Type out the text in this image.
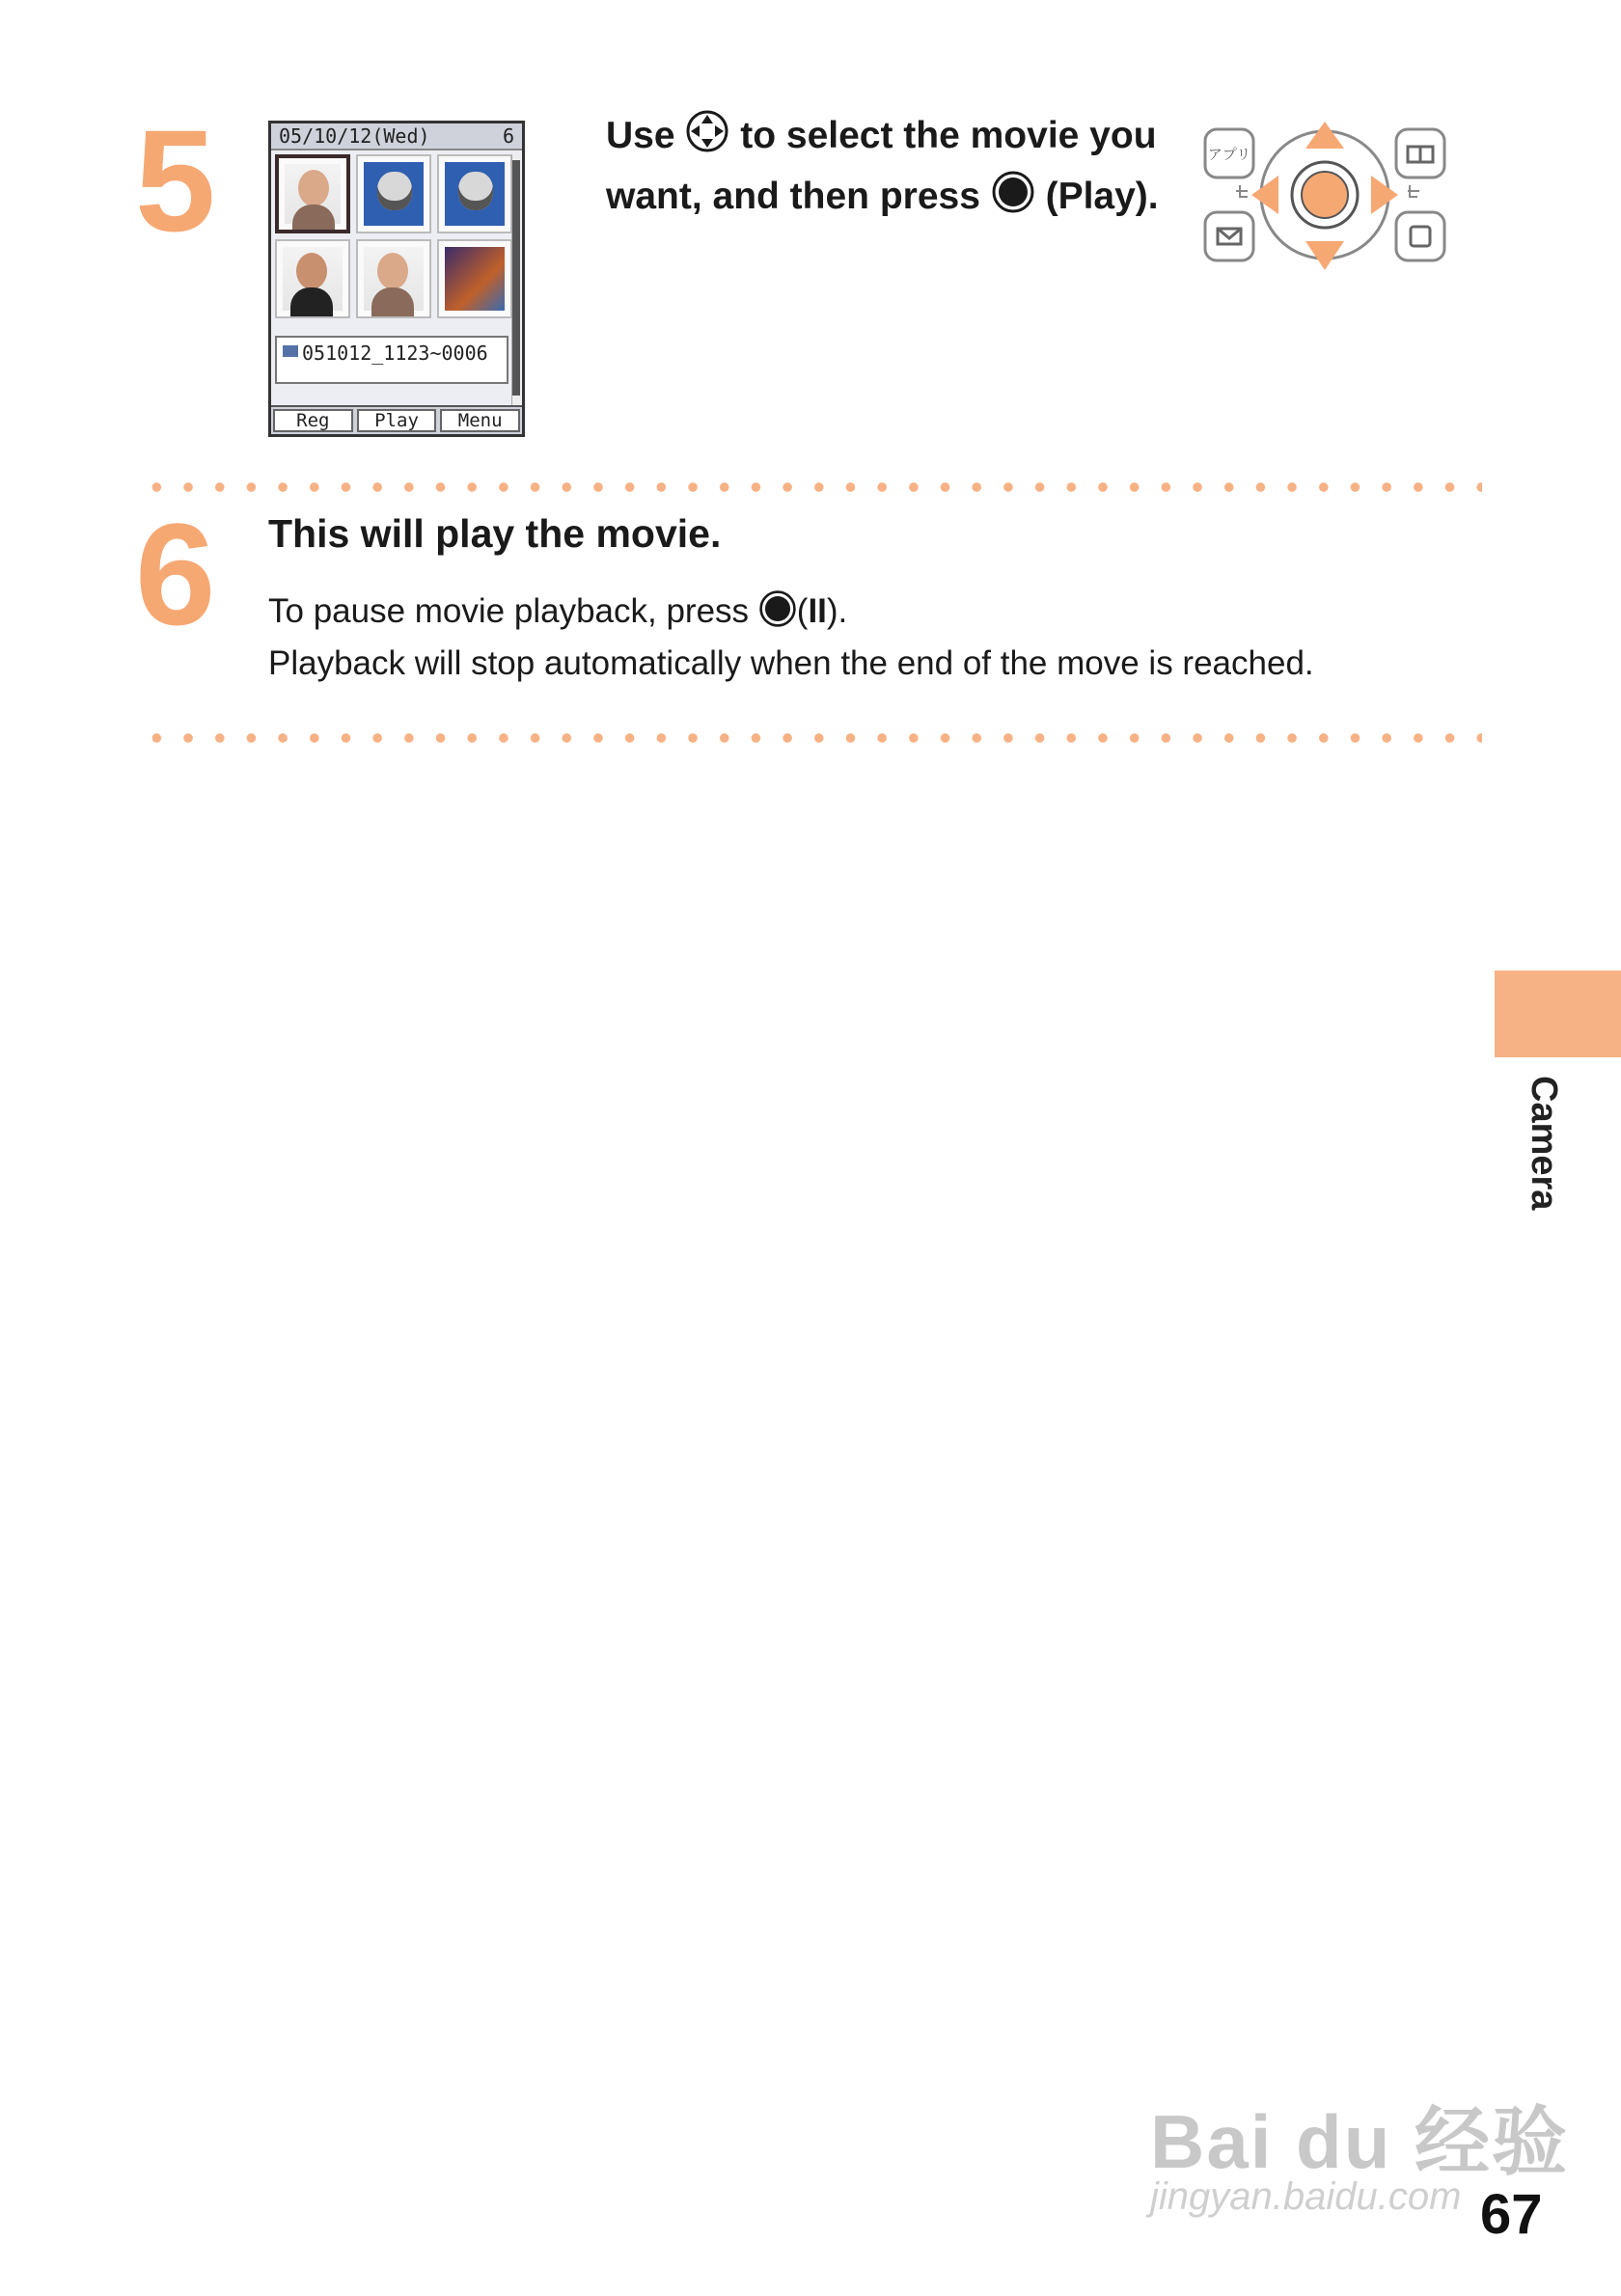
5	05/10/12(Wed)	6
051012_1123~0006
Reg	Play	Menu
Use to select the movie you want, and then press (Play).
アプリ
6 This will play the movie.
To pause movie playback, press (II).
Playback will stop automatically when the end of the move is reached.
Camera
Bai du 经验
jingyan.baidu.com 67
